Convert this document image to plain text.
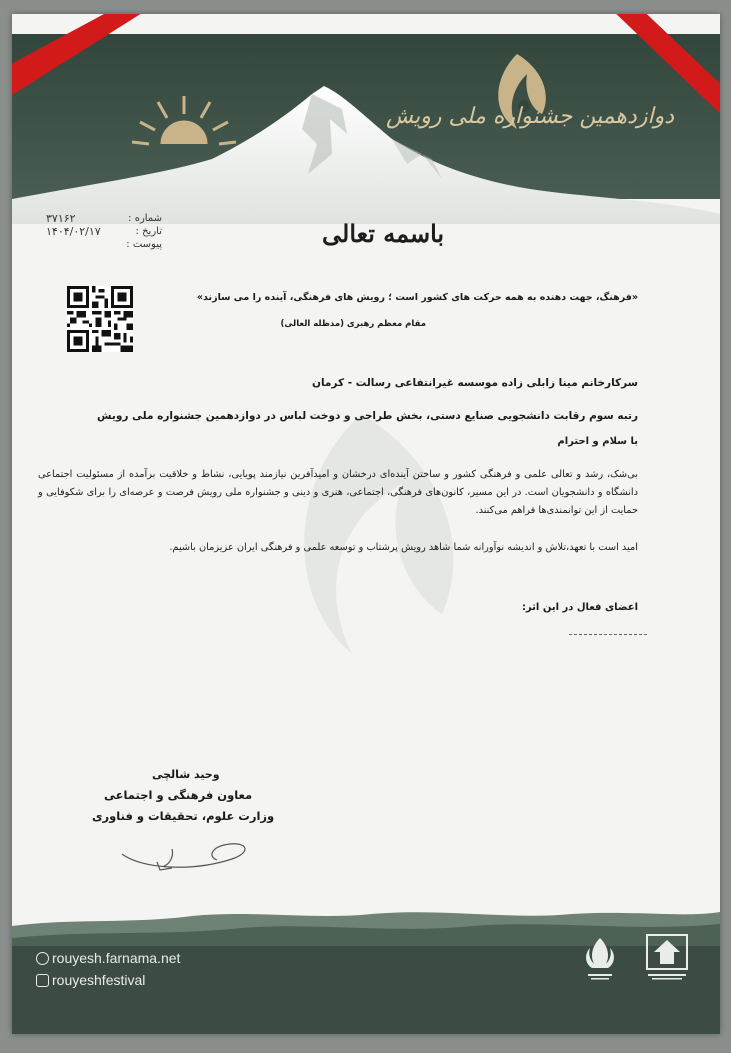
دوازدهمین جشنواره ملی رویش
شماره :
۳۷۱۶۲
تاریخ :
۱۴۰۴/۰۲/۱۷
پیوست :	باسمه تعالی
«فرهنگ، جهت دهنده به همه حرکت های کشور است ؛ رویش های فرهنگی، آینده را می سازند»
مقام معظم رهبری (مدظله العالی)
سرکارخانم مینا زابلی زاده موسسه غیرانتفاعی رسالت - کرمان
رتبه سوم رقابت دانشجویی صنایع دستی، بخش طراحی و دوخت لباس در دوازدهمین جشنواره ملی رویش
با سلام و احترام
بی‌شک، رشد و تعالی علمی و فرهنگی کشور و ساختن آینده‌ای درخشان و امیدآفرین نیازمند پویایی، نشاط و خلاقیت برآمده از مسئولیت اجتماعی دانشگاه و دانشجویان است. در این مسیر، کانون‌های فرهنگی، اجتماعی، هنری و دینی و جشنواره ملی رویش فرصت و عرصه‌ای را برای شکوفایی و حمایت از این توانمندی‌ها فراهم می‌کنند.
امید است با تعهد،تلاش و اندیشه نوآورانه شما شاهد رویش پرشتاب و توسعه علمی و فرهنگی ایران عزیزمان باشیم.
اعضای فعال در این اثر:
وحید شالچی
معاون فرهنگی و اجتماعی
وزارت علوم، تحقیقات و فناوری
rouyesh.farnama.net
rouyeshfestival
